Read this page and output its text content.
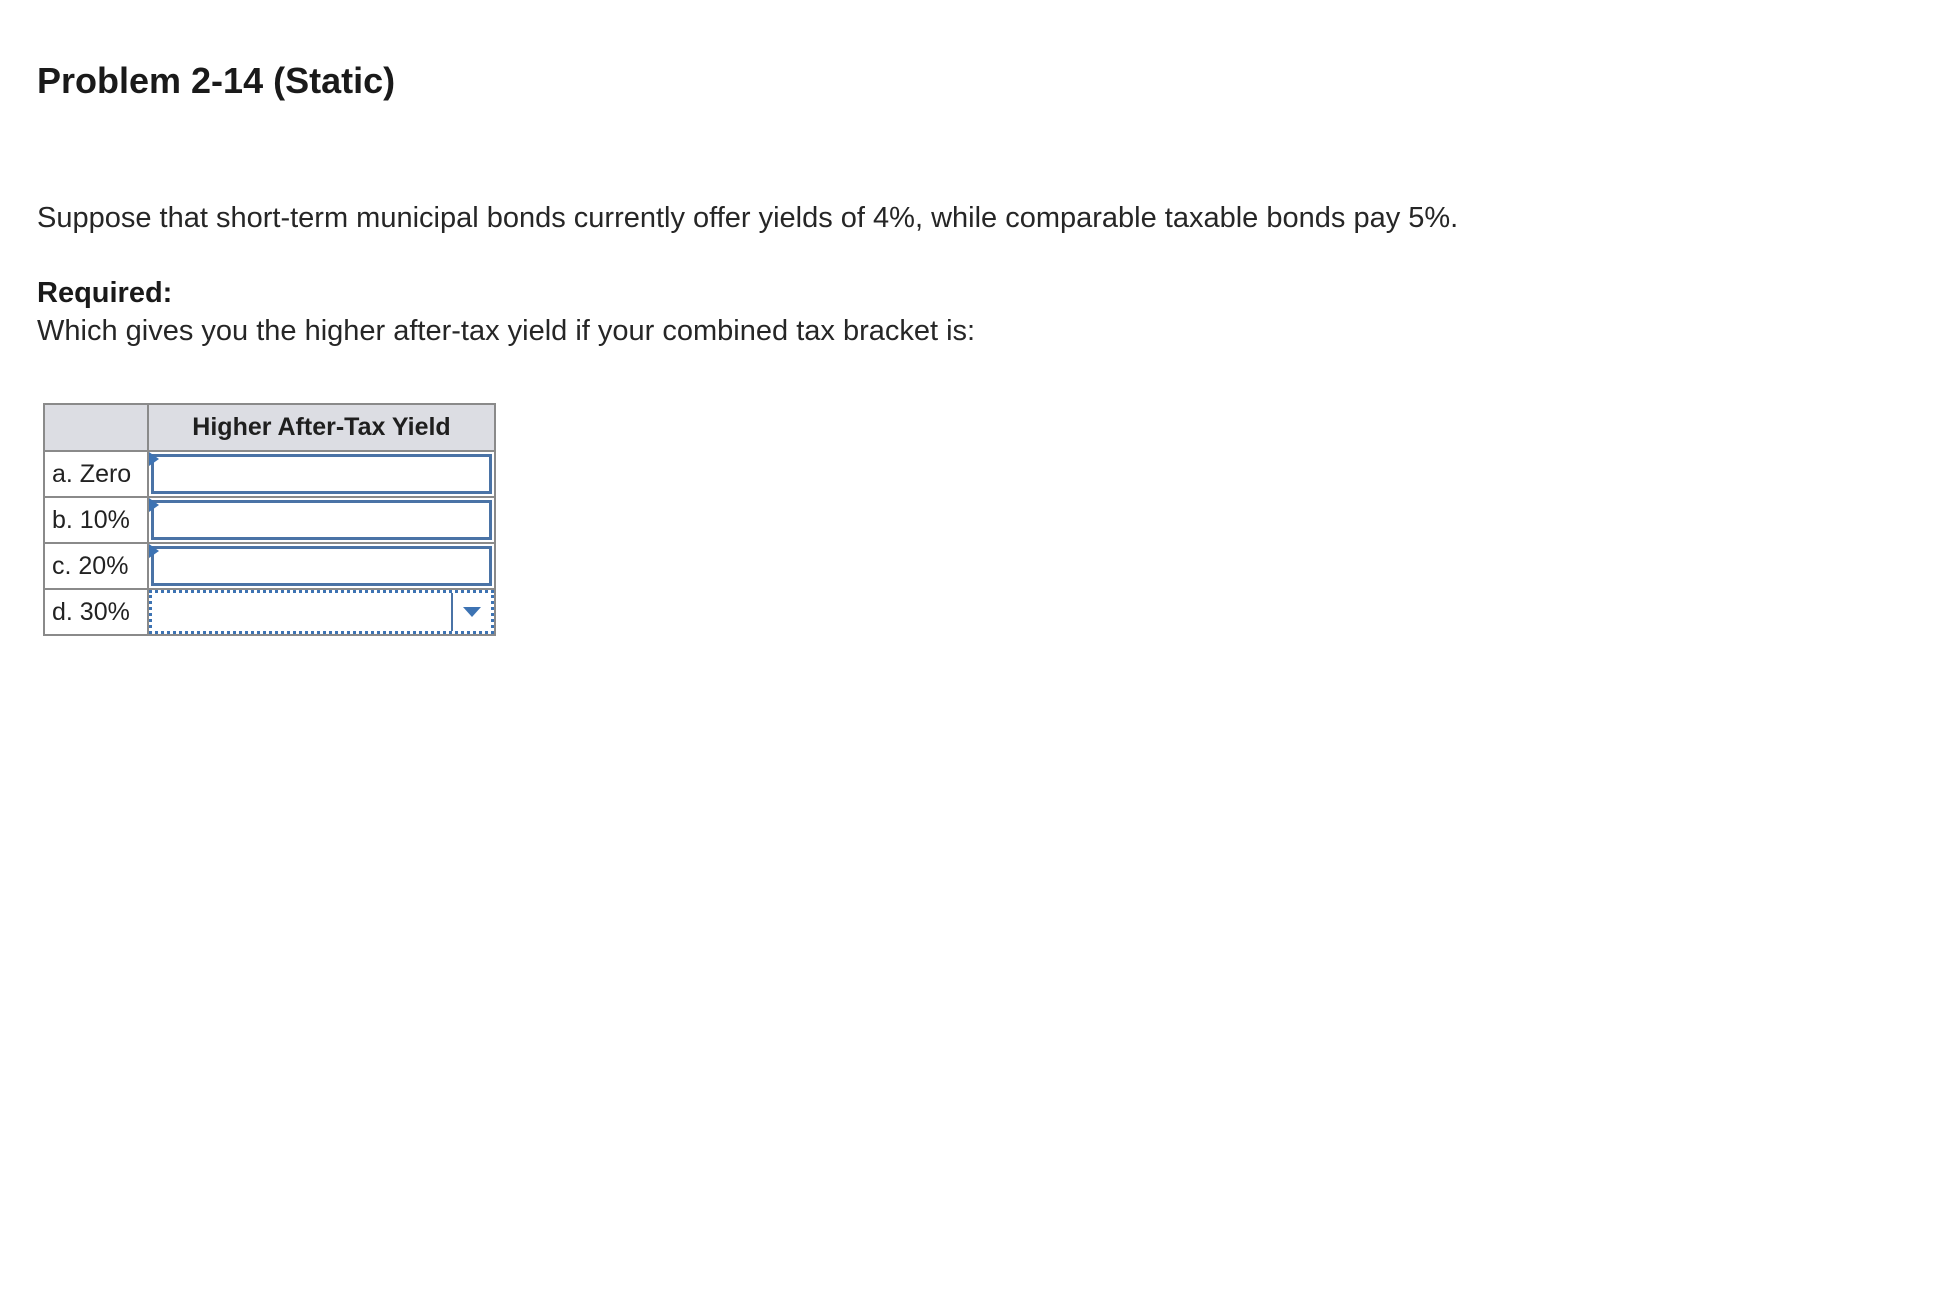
Problem 2-14 (Static)

Suppose that short-term municipal bonds currently offer yields of 4%, while comparable taxable bonds pay 5%.

Required:

Which gives you the higher after-tax yield if your combined tax bracket is:

	Higher After-Tax Yield
a. Zero	

b. 10%	

c. 20%	

d. 30%	
